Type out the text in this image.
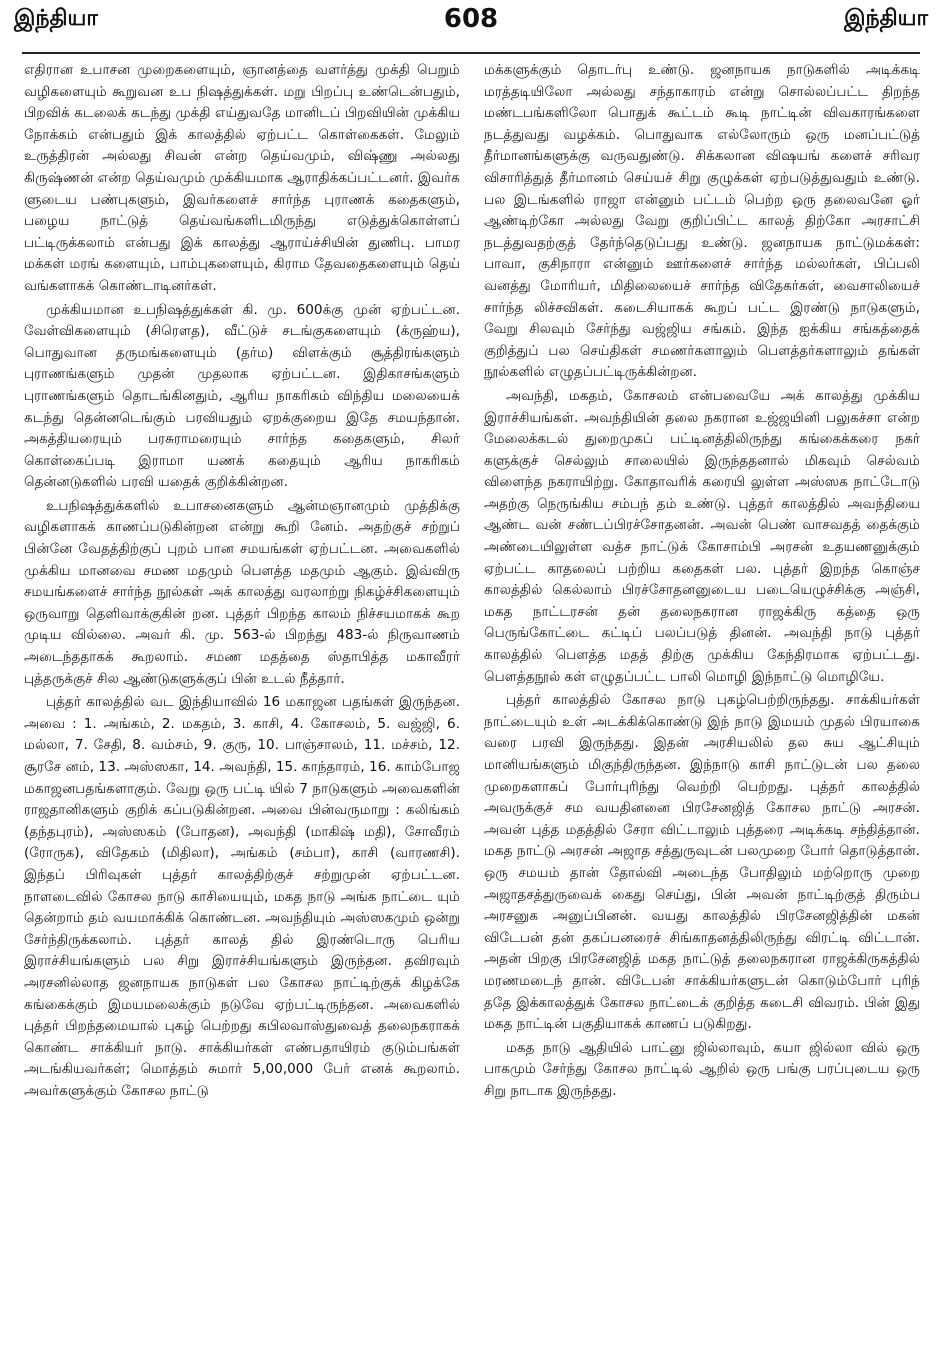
இந்தியா	608	இந்தியா

எதிரான உபாசன முறைகளையும், ஞானத்தை வளர்த்து முக்தி பெறும் வழிகளையும் கூறுவன உப நிஷத்துக்கள். மறு பிறப்பு உண்டென்பதும், பிறவிக் கடலைக் கடந்து முக்தி எய்துவதே மானிடப் பிறவியின் முக்கிய நோக்கம் என்பதும் இக் காலத்தில் ஏற்பட்ட கொள்கைகள். மேலும் உருத்திரன் அல்லது சிவன் என்ற தெய்வமும், விஷ்ணு அல்லது கிருஷ்ணன் என்ற தெய்வமும் முக்கியமாக ஆராதிக்கப்பட்டனர். இவர்க ளுடைய பண்புகளும், இவர்களைச் சார்ந்த புராணக் கதைகளும், பழைய நாட்டுத் தெய்வங்களிடமிருந்து எடுத்துக்கொள்ளப் பட்டிருக்கலாம் என்பது இக் காலத்து ஆராய்ச்சியின் துணிபு. பாமர மக்கள் மரங் களையும், பாம்புகளையும், கிராம தேவதைகளையும் தெய் வங்களாகக் கொண்டாடினர்கள்.

முக்கியமான உபநிஷத்துக்கள் கி. மு. 600க்கு முன் ஏற்பட்டன. வேள்விகளையும் (சிரௌத), வீட்டுச் சடங்குகளையும் (க்ருஹ்ய), பொதுவான தருமங்களையும் (தர்ம) விளக்கும் சூத்திரங்களும் புராணங்களும் முதன் முதலாக ஏற்பட்டன. இதிகாசங்களும் புராணங்களும் தொடங்கினதும், ஆரிய நாகரிகம் விந்திய மலையைக் கடந்து தென்னடெங்கும் பரவியதும் ஏறக்குறைய இதே சமயந்தான். அகத்தியரையும் பரசுராமரையும் சார்ந்த கதைகளும், சிலர் கொள்கைப்படி இராமா யணக் கதையும் ஆரிய நாகரிகம் தென்னடுகளில் பரவி யதைக் குறிக்கின்றன.

உபநிஷத்துக்களில் உபாசனைகளும் ஆன்மஞானமும் முத்திக்கு வழிகளாகக் காணப்படுகின்றன என்று கூறி னேம். அதற்குச் சற்றுப் பின்னே வேதத்திற்குப் புறம் பான சமயங்கள் ஏற்பட்டன. அவைகளில் முக்கிய மானவை சமண மதமும் பௌத்த மதமும் ஆகும். இவ்விரு சமயங்களைச் சார்ந்த நூல்கள் அக் காலத்து வரலாற்று நிகழ்ச்சிகளையும் ஒருவாறு தெளிவாக்குகின் றன. புத்தர் பிறந்த காலம் நிச்சயமாகக் கூற முடிய வில்லை. அவர் கி. மு. 563-ல் பிறந்து 483-ல் நிருவாணம் அடைந்ததாகக் கூறலாம். சமண மதத்தை ஸ்தாபித்த மகாவீரர் புத்தருக்குச் சில ஆண்டுகளுக்குப் பின் உடல் நீத்தார்.

புத்தர் காலத்தில் வட இந்தியாவில் 16 மகாஜன பதங்கள் இருந்தன. அவை : 1. அங்கம், 2. மகதம், 3. காசி, 4. கோசலம், 5. வஜ்ஜி, 6. மல்லா, 7. சேதி, 8. வம்சம், 9. குரு, 10. பாஞ்சாலம், 11. மச்சம், 12. சூரசே னம், 13. அஸ்ஸகா, 14. அவந்தி, 15. காந்தாரம், 16. காம்போஜ மகாஜனபதங்களாகும். வேறு ஒரு பட்டி யில் 7 நாடுகளும் அவைகளின் ராஜதானிகளும் குறிக் கப்படுகின்றன. அவை பின்வருமாறு : கலிங்கம் (தந்தபுரம்), அஸ்ஸகம் (போதன), அவந்தி (மாகிஷ் மதி), சோவீரம் (ரோருக), விதேகம் (மிதிலா), அங்கம் (சம்பா), காசி (வாரணசி). இந்தப் பிரிவுகள் புத்தர் காலத்திற்குச் சற்றுமுன் ஏற்பட்டன. நாளடைவில் கோசல நாடு காசியையும், மகத நாடு அங்க நாட்டை யும் தென்றாம் தம் வயமாக்கிக் கொண்டன. அவந்தியும் அஸ்ஸகமும் ஒன்று சேர்ந்திருக்கலாம். புத்தர் காலத் தில் இரண்டொரு பெரிய இராச்சியங்களும் பல சிறு இராச்சியங்களும் இருந்தன. தவிரவும் அரசனில்லாத ஜனநாயக நாடுகள் பல கோசல நாட்டிற்குக் கிழக்கே கங்கைக்கும் இமயமலைக்கும் நடுவே ஏற்பட்டிருந்தன. அவைகளில் புத்தர் பிறந்தமையால் புகழ் பெற்றது கபிலவாஸ்துவைத் தலைநகராகக் கொண்ட சாக்கியர் நாடு. சாக்கியர்கள் எண்பதாயிரம் குடும்பங்கள் அடங்கியவர்கள்; மொத்தம் சுமார் 5,00,000 பேர் எனக் கூறலாம். அவர்களுக்கும் கோசல நாட்டு

மக்களுக்கும் தொடர்பு உண்டு. ஜனநாயக நாடுகளில் அடிக்கடி மரத்தடியிலோ அல்லது சந்தாகாரம் என்று சொல்லப்பட்ட திறந்த மண்டபங்களிலோ பொதுக் கூட்டம் கூடி நாட்டின் விவகாரங்களை நடத்துவது வழக்கம். பொதுவாக எல்லோரும் ஒரு மனப்பட்டுத் தீர்மானங்களுக்கு வருவதுண்டு. சிக்கலான விஷயங் களைச் சரிவர விசாரித்துத் தீர்மானம் செய்யச் சிறு குழுக்கள் ஏற்படுத்துவதும் உண்டு. பல இடங்களில் ராஜா என்னும் பட்டம் பெற்ற ஒரு தலைவனே ஓர் ஆண்டிற்கோ அல்லது வேறு குறிப்பிட்ட காலத் திற்கோ அரசாட்சி நடத்துவதற்குத் தேர்ந்தெடுப்பது உண்டு. ஜனநாயக நாட்டுமக்கள்: பாவா, குசிநாரா என்னும் ஊர்களைச் சார்ந்த மல்லர்கள், பிப்பலி வனத்து மோரியர், மிதிலையைச் சார்ந்த விதேகர்கள், வைசாலியைச் சார்ந்த லிச்சவிகள். கடைசியாகக் கூறப் பட்ட இரண்டு நாடுகளும், வேறு சிலவும் சேர்ந்து வஜ்ஜிய சங்கம். இந்த ஐக்கிய சங்கத்தைக் குறித்துப் பல செய்திகள் சமணர்களாலும் பௌத்தர்களாலும் தங்கள் நூல்களில் எழுதப்பட்டிருக்கின்றன.

அவந்தி, மகதம், கோசலம் என்பவையே அக் காலத்து முக்கிய இராச்சியங்கள். அவந்தியின் தலை நகரான உஜ்ஜயினி பலுகச்சா என்ற மேலைக்கடல் துறைமுகப் பட்டினத்திலிருந்து கங்கைக்கரை நகர் களுக்குச் செல்லும் சாலையில் இருந்ததனால் மிகவும் செல்வம் விளைந்த நகராயிற்று. கோதாவரிக் கரையி லுள்ள அஸ்ஸக நாட்டோடு அதற்கு நெருங்கிய சம்பந் தம் உண்டு. புத்தர் காலத்தில் அவந்தியை ஆண்ட வன் சண்டப்பிரச்சோதனன். அவன் பெண் வாசவதத் தைக்கும் அண்டையிலுள்ள வத்ச நாட்டுக் கோசாம்பி அரசன் உதயணனுக்கும் ஏற்பட்ட காதலைப் பற்றிய கதைகள் பல. புத்தர் இறந்த கொஞ்ச காலத்தில் கெல்லாம் பிரச்சோதனனுடைய படையெழுச்சிக்கு அஞ்சி, மகத நாட்டரசன் தன் தலைநகரான ராஜக்கிரு கத்தை ஒரு பெருங்கோட்டை கட்டிப் பலப்படுத் தினன். அவந்தி நாடு புத்தர் காலத்தில் பௌத்த மதத் திற்கு முக்கிய கேந்திரமாக ஏற்பட்டது. பௌத்தநூல் கள் எழுதப்பட்ட பாலி மொழி இந்நாட்டு மொழியே.

புத்தர் காலத்தில் கோசல நாடு புகழ்பெற்றிருந்தது. சாக்கியர்கள் நாட்டையும் உள் அடக்கிக்கொண்டு இந் நாடு இமயம் முதல் பிரயாகை வரை பரவி இருந்தது. இதன் அரசியலில் தல சுய ஆட்சியும் மானியங்களும் மிகுந்திருந்தன. இந்நாடு காசி நாட்டுடன் பல தலை முறைகளாகப் போர்புரிந்து வெற்றி பெற்றது. புத்தர் காலத்தில் அவருக்குச் சம வயதினனை பிரசேனஜித் கோசல நாட்டு அரசன். அவன் புத்த மதத்தில் சேரா விட்டாலும் புத்தரை அடிக்கடி சந்தித்தான். மகத நாட்டு அரசன் அஜாத சத்துருவுடன் பலமுறை போர் தொடுத்தான். ஒரு சமயம் தான் தோல்வி அடைந்த போதிலும் மற்றொரு முறை அஜாதசத்துருவைக் கைது செய்து, பின் அவன் நாட்டிற்குத் திரும்ப அரசனுக அனுப்பினன். வயது காலத்தில் பிரசேனஜித்தின் மகன் விடேபன் தன் தகப்பனரைச் சிங்காதனத்திலிருந்து விரட்டி விட்டான். அதன் பிறகு பிரசேனஜித் மகத நாட்டுத் தலைநகரான ராஜக்கிருகத்தில் மரணமடைந் தான். விடேபன் சாக்கியர்களுடன் கொடும்போர் புரிந் ததே இக்காலத்துக் கோசல நாட்டைக் குறித்த கடைசி விவரம். பின் இது மகத நாட்டின் பகுதியாகக் காணப் படுகிறது.

மகத நாடு ஆதியில் பாட்னு ஜில்லாவும், கயா ஜில்லா வில் ஒரு பாகமும் சேர்ந்து கோசல நாட்டில் ஆறில் ஒரு பங்கு பரப்புடைய ஒரு சிறு நாடாக இருந்தது.
